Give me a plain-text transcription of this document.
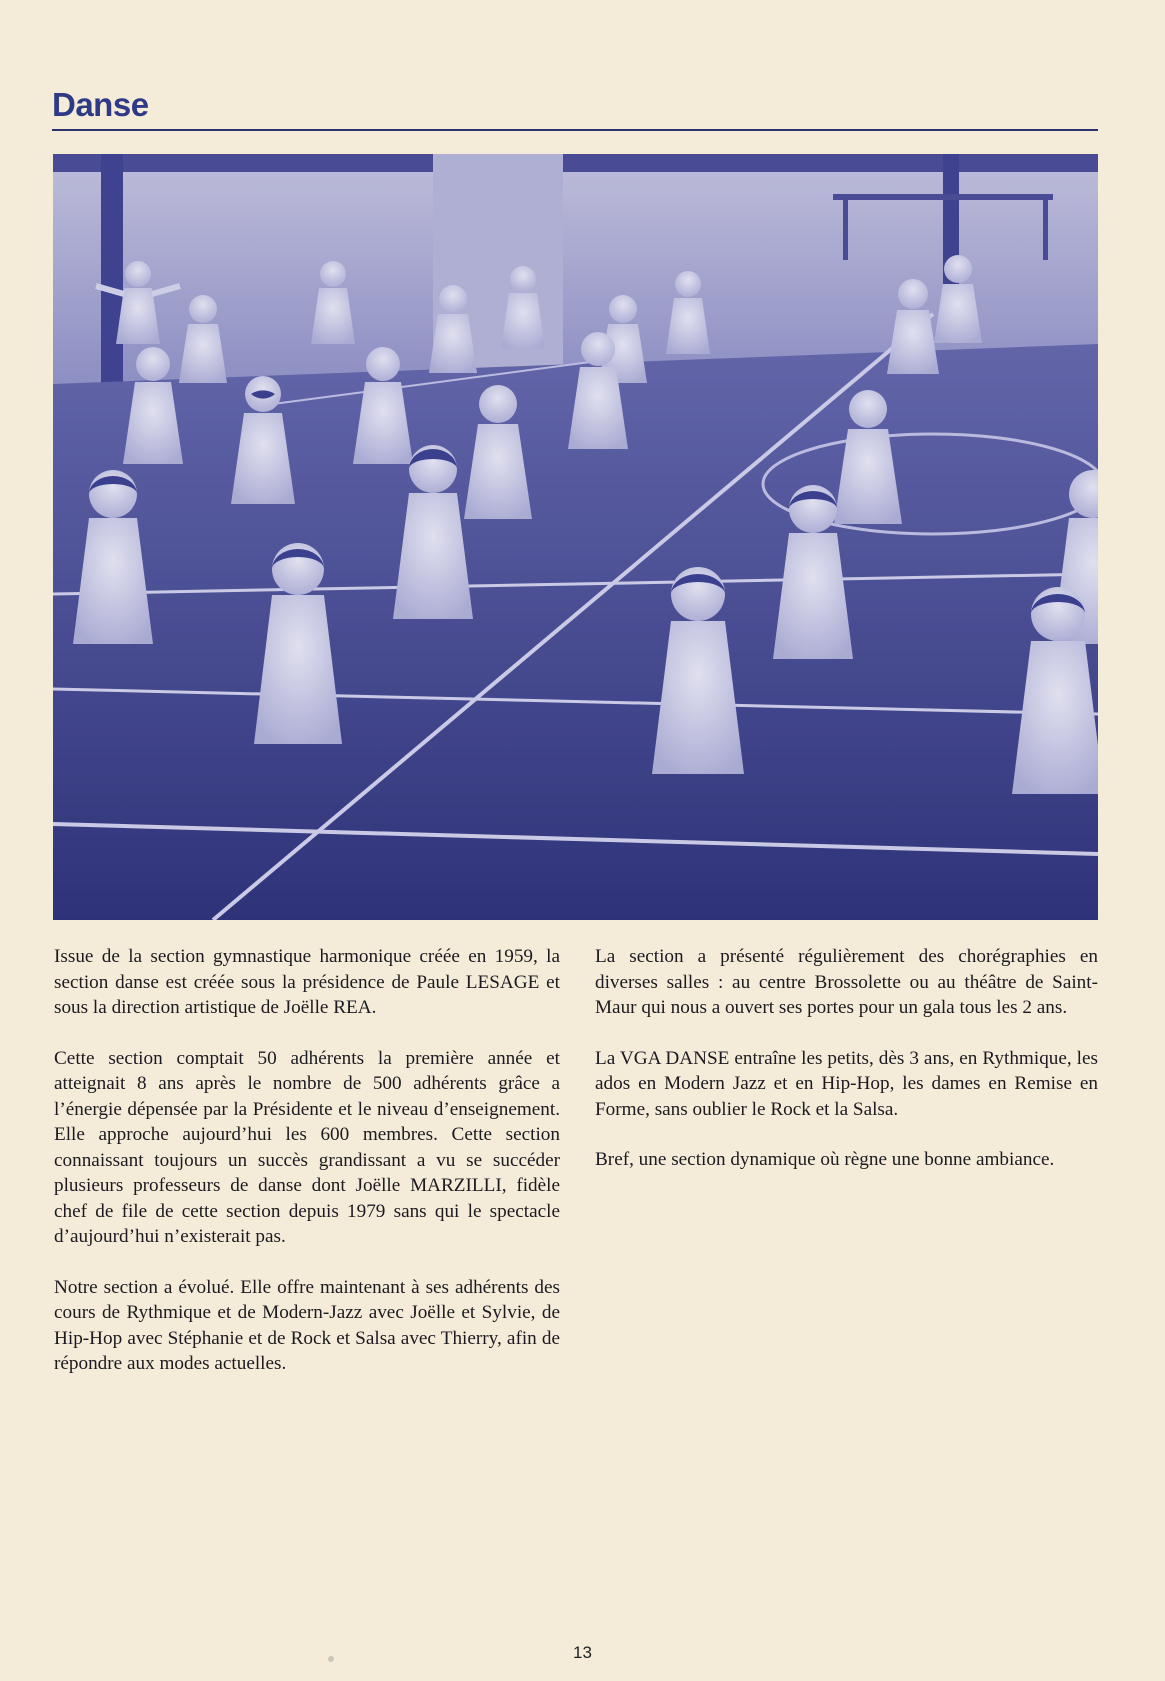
Danse

Issue de la section gymnastique harmonique créée en 1959, la section danse est créée sous la présidence de Paule LESAGE et sous la direction artistique de Joëlle REA.

Cette section comptait 50 adhérents la première année et atteignait 8 ans après le nombre de 500 adhérents grâce a l’énergie dépensée par la Présidente et le niveau d’enseignement. Elle approche aujourd’hui les 600 membres. Cette section connaissant toujours un succès grandissant a vu se succéder plusieurs professeurs de danse dont Joëlle MARZILLI, fidèle chef de file de cette section depuis 1979 sans qui le spectacle d’aujourd’hui n’existerait pas.

Notre section a évolué. Elle offre maintenant à ses adhérents des cours de Rythmique et de Modern-Jazz avec Joëlle et Sylvie, de Hip-Hop avec Stéphanie et de Rock et Salsa avec Thierry, afin de répondre aux modes actuelles.

La section a présenté régulièrement des chorégraphies en diverses salles : au centre Brossolette ou au théâtre de Saint-Maur qui nous a ouvert ses portes pour un gala tous les 2 ans.

La VGA DANSE entraîne les petits, dès 3 ans, en Rythmique, les ados en Modern Jazz et en Hip-Hop, les dames en Remise en Forme, sans oublier le Rock et la Salsa.

Bref, une section dynamique où règne une bonne ambiance.

13
